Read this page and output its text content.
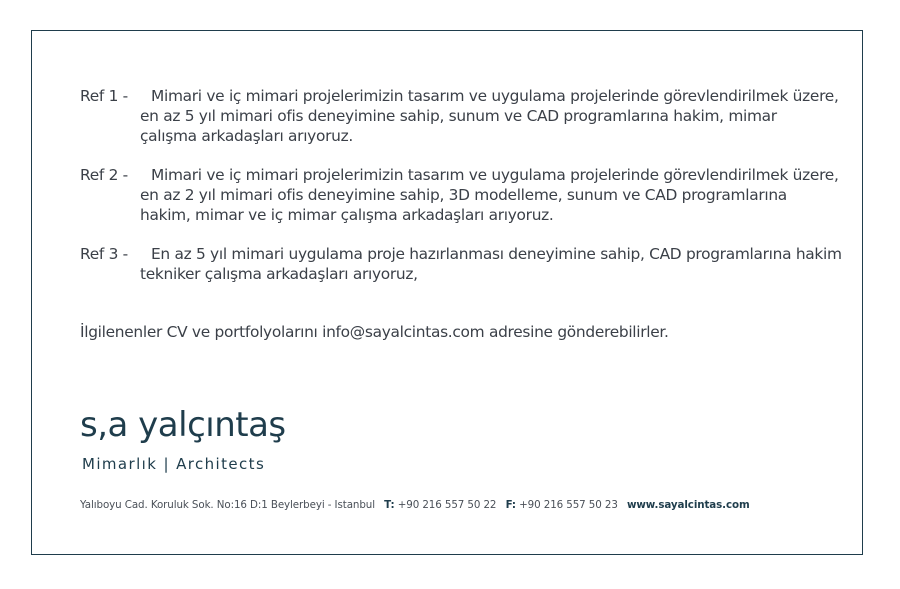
Ref 1 - Mimari ve iç mimari projelerimizin tasarım ve uygulama projelerinde görevlendirilmek üzere,
en az 5 yıl mimari ofis deneyimine sahip, sunum ve CAD programlarına hakim, mimar
çalışma arkadaşları arıyoruz.
Ref 2 - Mimari ve iç mimari projelerimizin tasarım ve uygulama projelerinde görevlendirilmek üzere,
en az 2 yıl mimari ofis deneyimine sahip, 3D modelleme, sunum ve CAD programlarına
hakim, mimar ve iç mimar çalışma arkadaşları arıyoruz.
Ref 3 - En az 5 yıl mimari uygulama proje hazırlanması deneyimine sahip, CAD programlarına hakim
tekniker çalışma arkadaşları arıyoruz,
İlgilenenler CV ve portfolyolarını info@sayalcintas.com adresine gönderebilirler.
s,a yalçıntaş
Mimarlık | Architects
Yalıboyu Cad. Koruluk Sok. No:16 D:1 Beylerbeyi - Istanbul T: +90 216 557 50 22 F: +90 216 557 50 23 www.sayalcintas.com
